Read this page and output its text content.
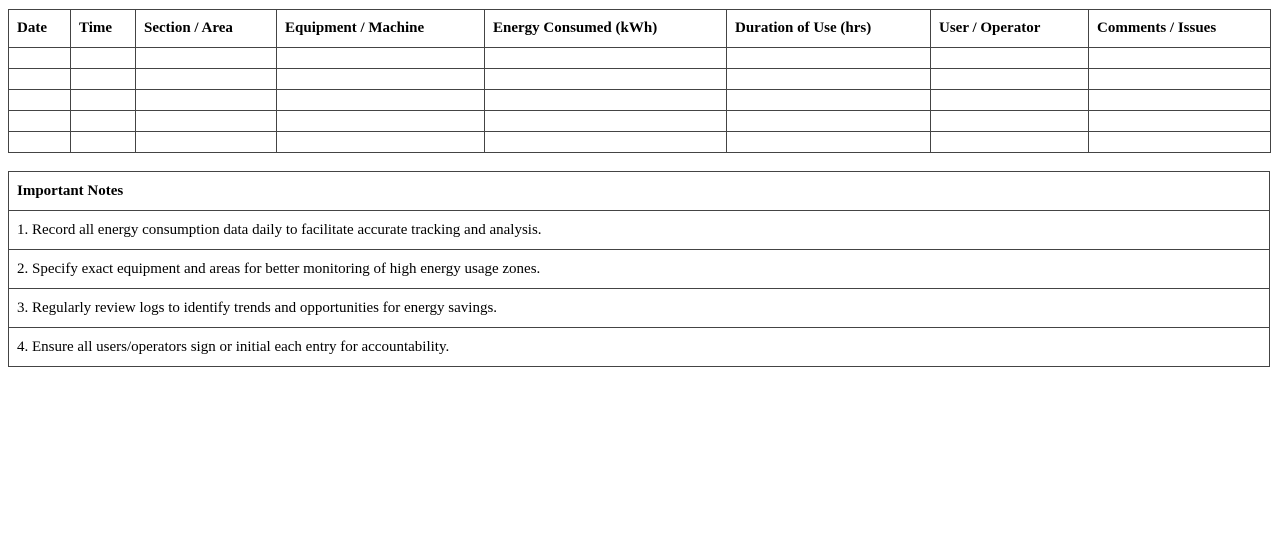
Date	Time	Section / Area	Equipment / Machine	Energy Consumed (kWh)	Duration of Use (hrs)	User / Operator	Comments / Issues

Important Notes
1. Record all energy consumption data daily to facilitate accurate tracking and analysis.
2. Specify exact equipment and areas for better monitoring of high energy usage zones.
3. Regularly review logs to identify trends and opportunities for energy savings.
4. Ensure all users/operators sign or initial each entry for accountability.
